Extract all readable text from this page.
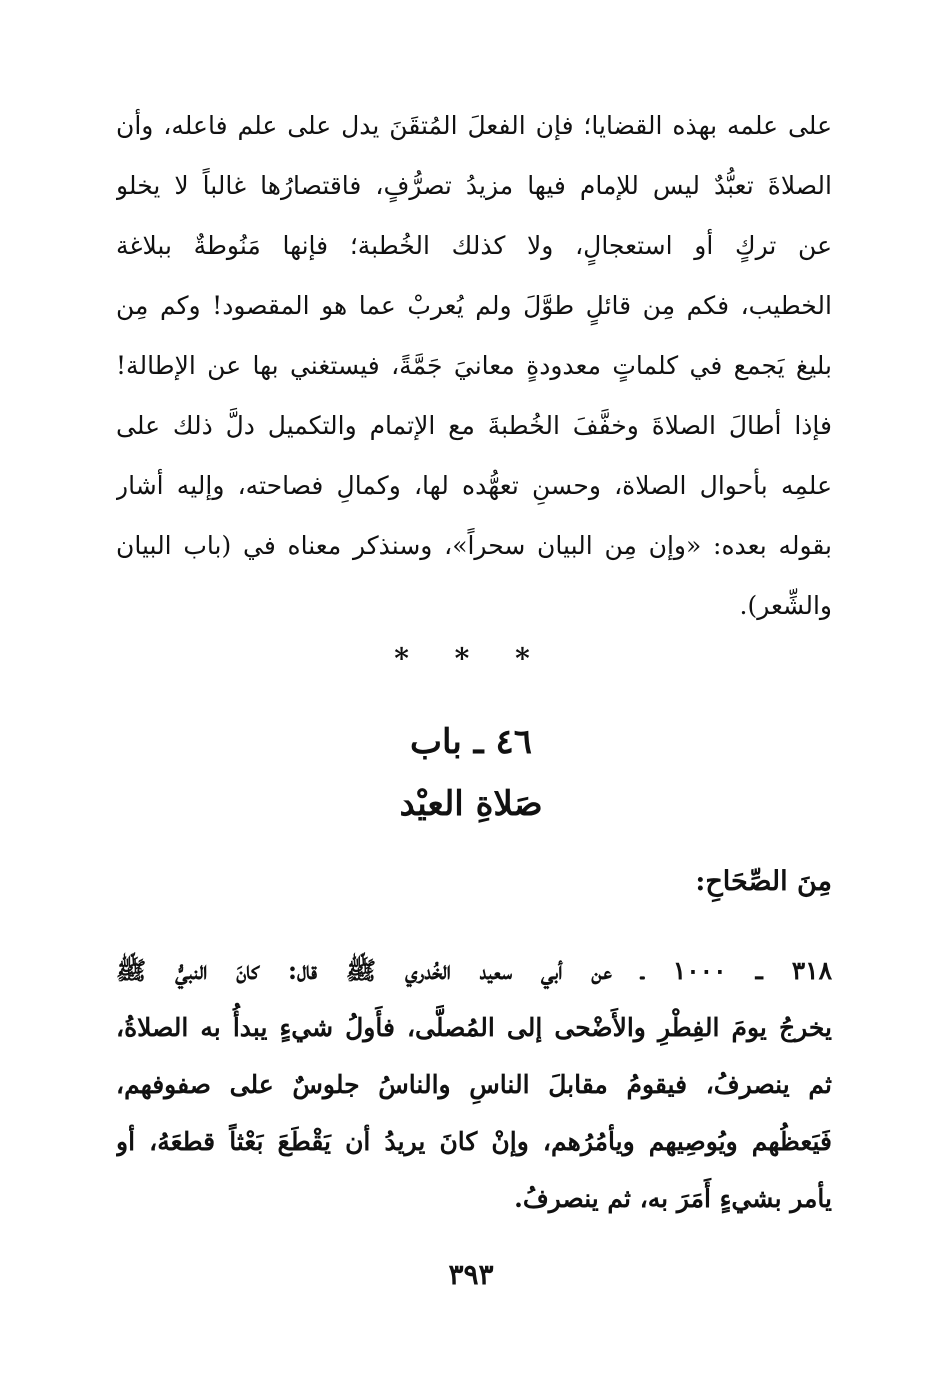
على علمه بهذه القضايا؛ فإن الفعلَ المُتقَنَ يدل على علم فاعله، وأن
الصلاةَ تعبُّدٌ ليس للإمام فيها مزيدُ تصرُّفٍ، فاقتصارُها غالباً لا يخلو
عن تركٍ أو استعجالٍ، ولا كذلك الخُطبة؛ فإنها مَنُوطةٌ ببلاغة
الخطيب، فكم مِن قائلٍ طوَّلَ ولم يُعربْ عما هو المقصود! وكم مِن
بليغ يَجمع في كلماتٍ معدودةٍ معانيَ جَمَّةً، فيستغني بها عن الإطالة!
فإذا أطالَ الصلاةَ وخفَّفَ الخُطبةَ مع الإتمام والتكميل دلَّ ذلك على
علمِه بأحوال الصلاة، وحسنِ تعهُّده لها، وكمالِ فصاحته، وإليه أشار
بقوله بعده: «وإن مِن البيان سحراً»، وسنذكر معناه في (باب البيان
والشِّعر).
* * *
٤٦ ـ باب
صَلاةِ العيْد
مِنَ الصِّحَاحِ:
٣١٨ ـ ١٠٠٠ ـ عن أبي سعيد الخُدري ﷺ قال: كانَ النبيُّ ﷺ
يخرجُ يومَ الفِطْرِ والأَضْحى إلى المُصلَّى، فأَولُ شيءٍ يبدأُ به الصلاةُ،
ثم ينصرفُ، فيقومُ مقابلَ الناسِ والناسُ جلوسٌ على صفوفهم،
فَيَعظُهم ويُوصِيهم ويأمُرُهم، وإنْ كانَ يريدُ أن يَقْطَعَ بَعْثاً قطعَهُ، أو
يأمر بشيءٍ أَمَرَ به، ثم ينصرفُ.
٣٩٣
